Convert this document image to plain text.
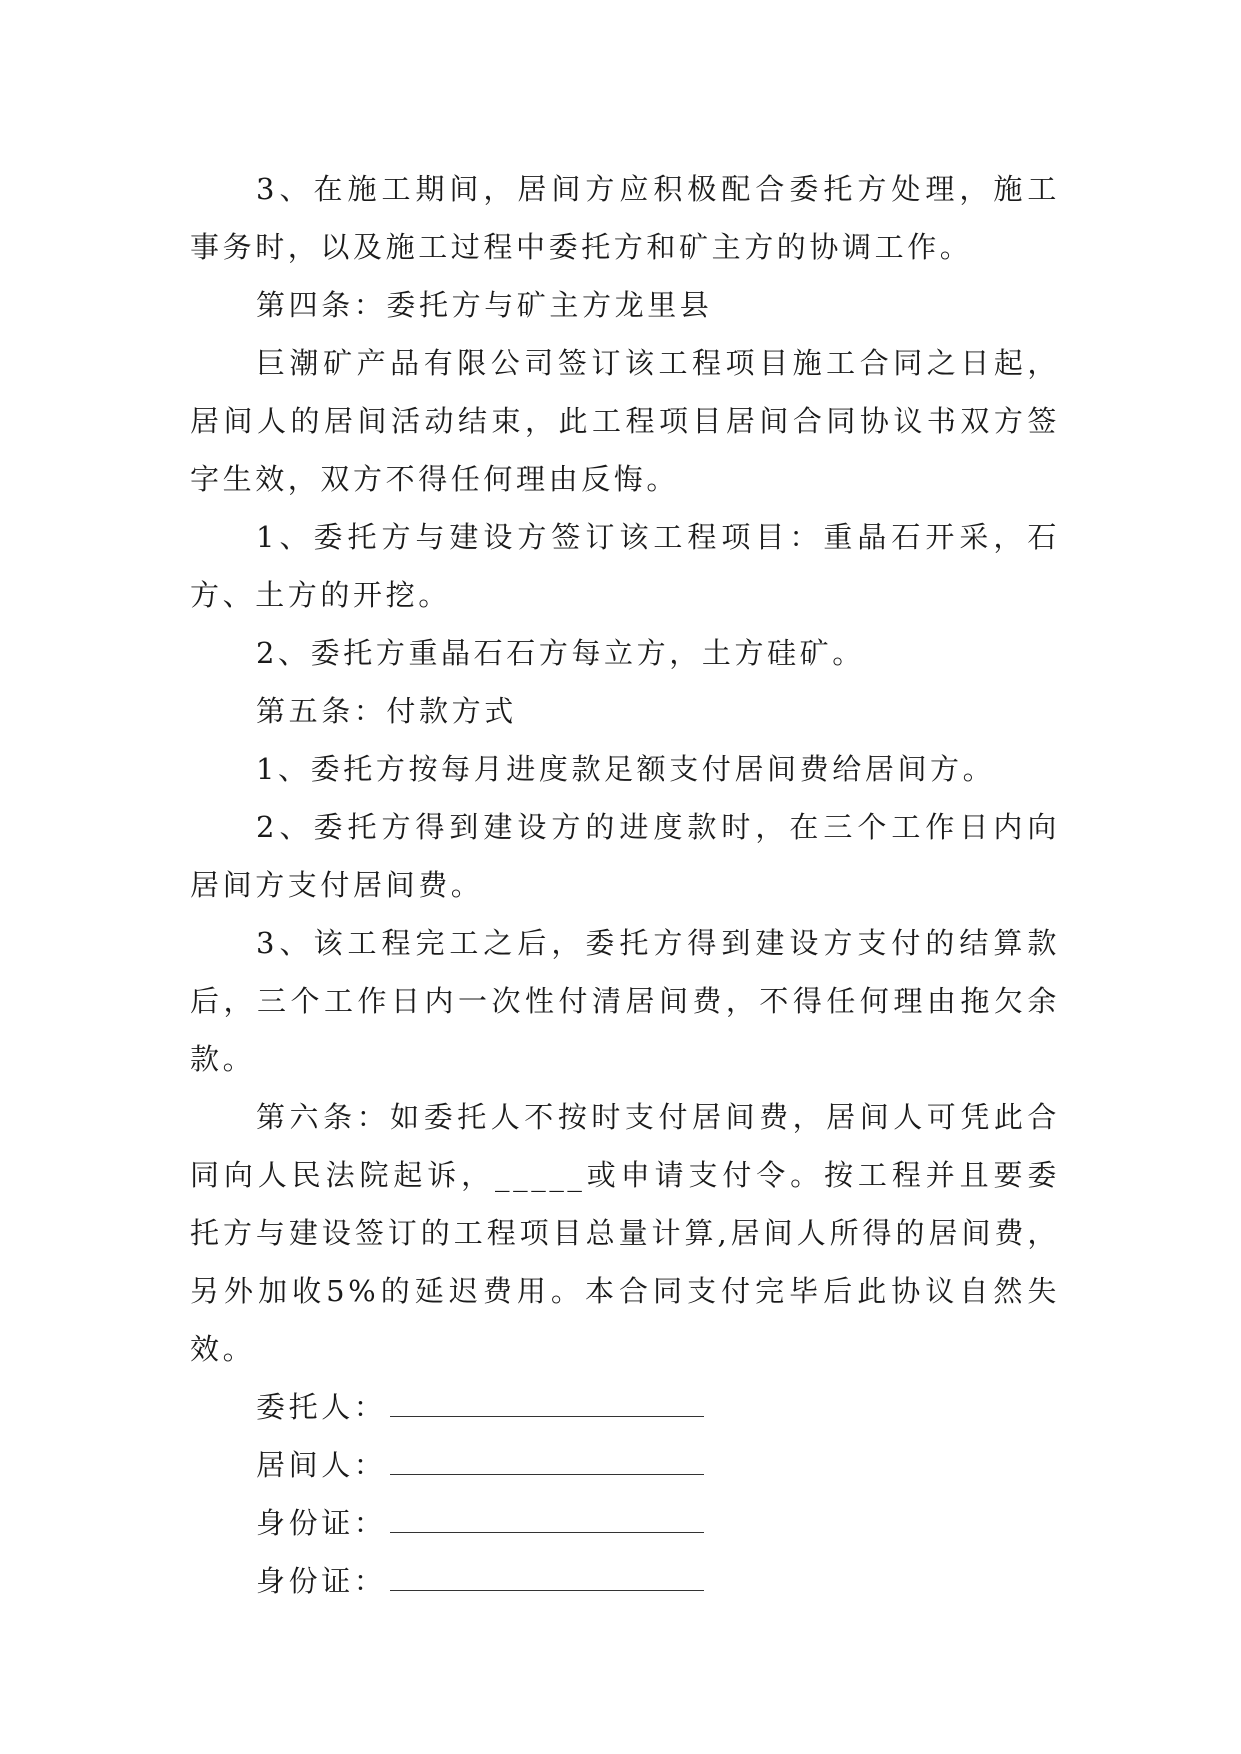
3、在施工期间，居间方应积极配合委托方处理，施工事务时，以及施工过程中委托方和矿主方的协调工作。

第四条：委托方与矿主方龙里县

巨潮矿产品有限公司签订该工程项目施工合同之日起，居间人的居间活动结束，此工程项目居间合同协议书双方签字生效，双方不得任何理由反悔。

1、委托方与建设方签订该工程项目：重晶石开采，石方、土方的开挖。

2、委托方重晶石石方每立方，土方硅矿。

第五条：付款方式

1、委托方按每月进度款足额支付居间费给居间方。

2、委托方得到建设方的进度款时，在三个工作日内向居间方支付居间费。

3、该工程完工之后，委托方得到建设方支付的结算款后，三个工作日内一次性付清居间费，不得任何理由拖欠余款。

第六条：如委托人不按时支付居间费，居间人可凭此合同向人民法院起诉，_____或申请支付令。按工程并且要委托方与建设签订的工程项目总量计算,居间人所得的居间费，另外加收5%的延迟费用。本合同支付完毕后此协议自然失效。

委托人：
居间人：
身份证：
身份证：
